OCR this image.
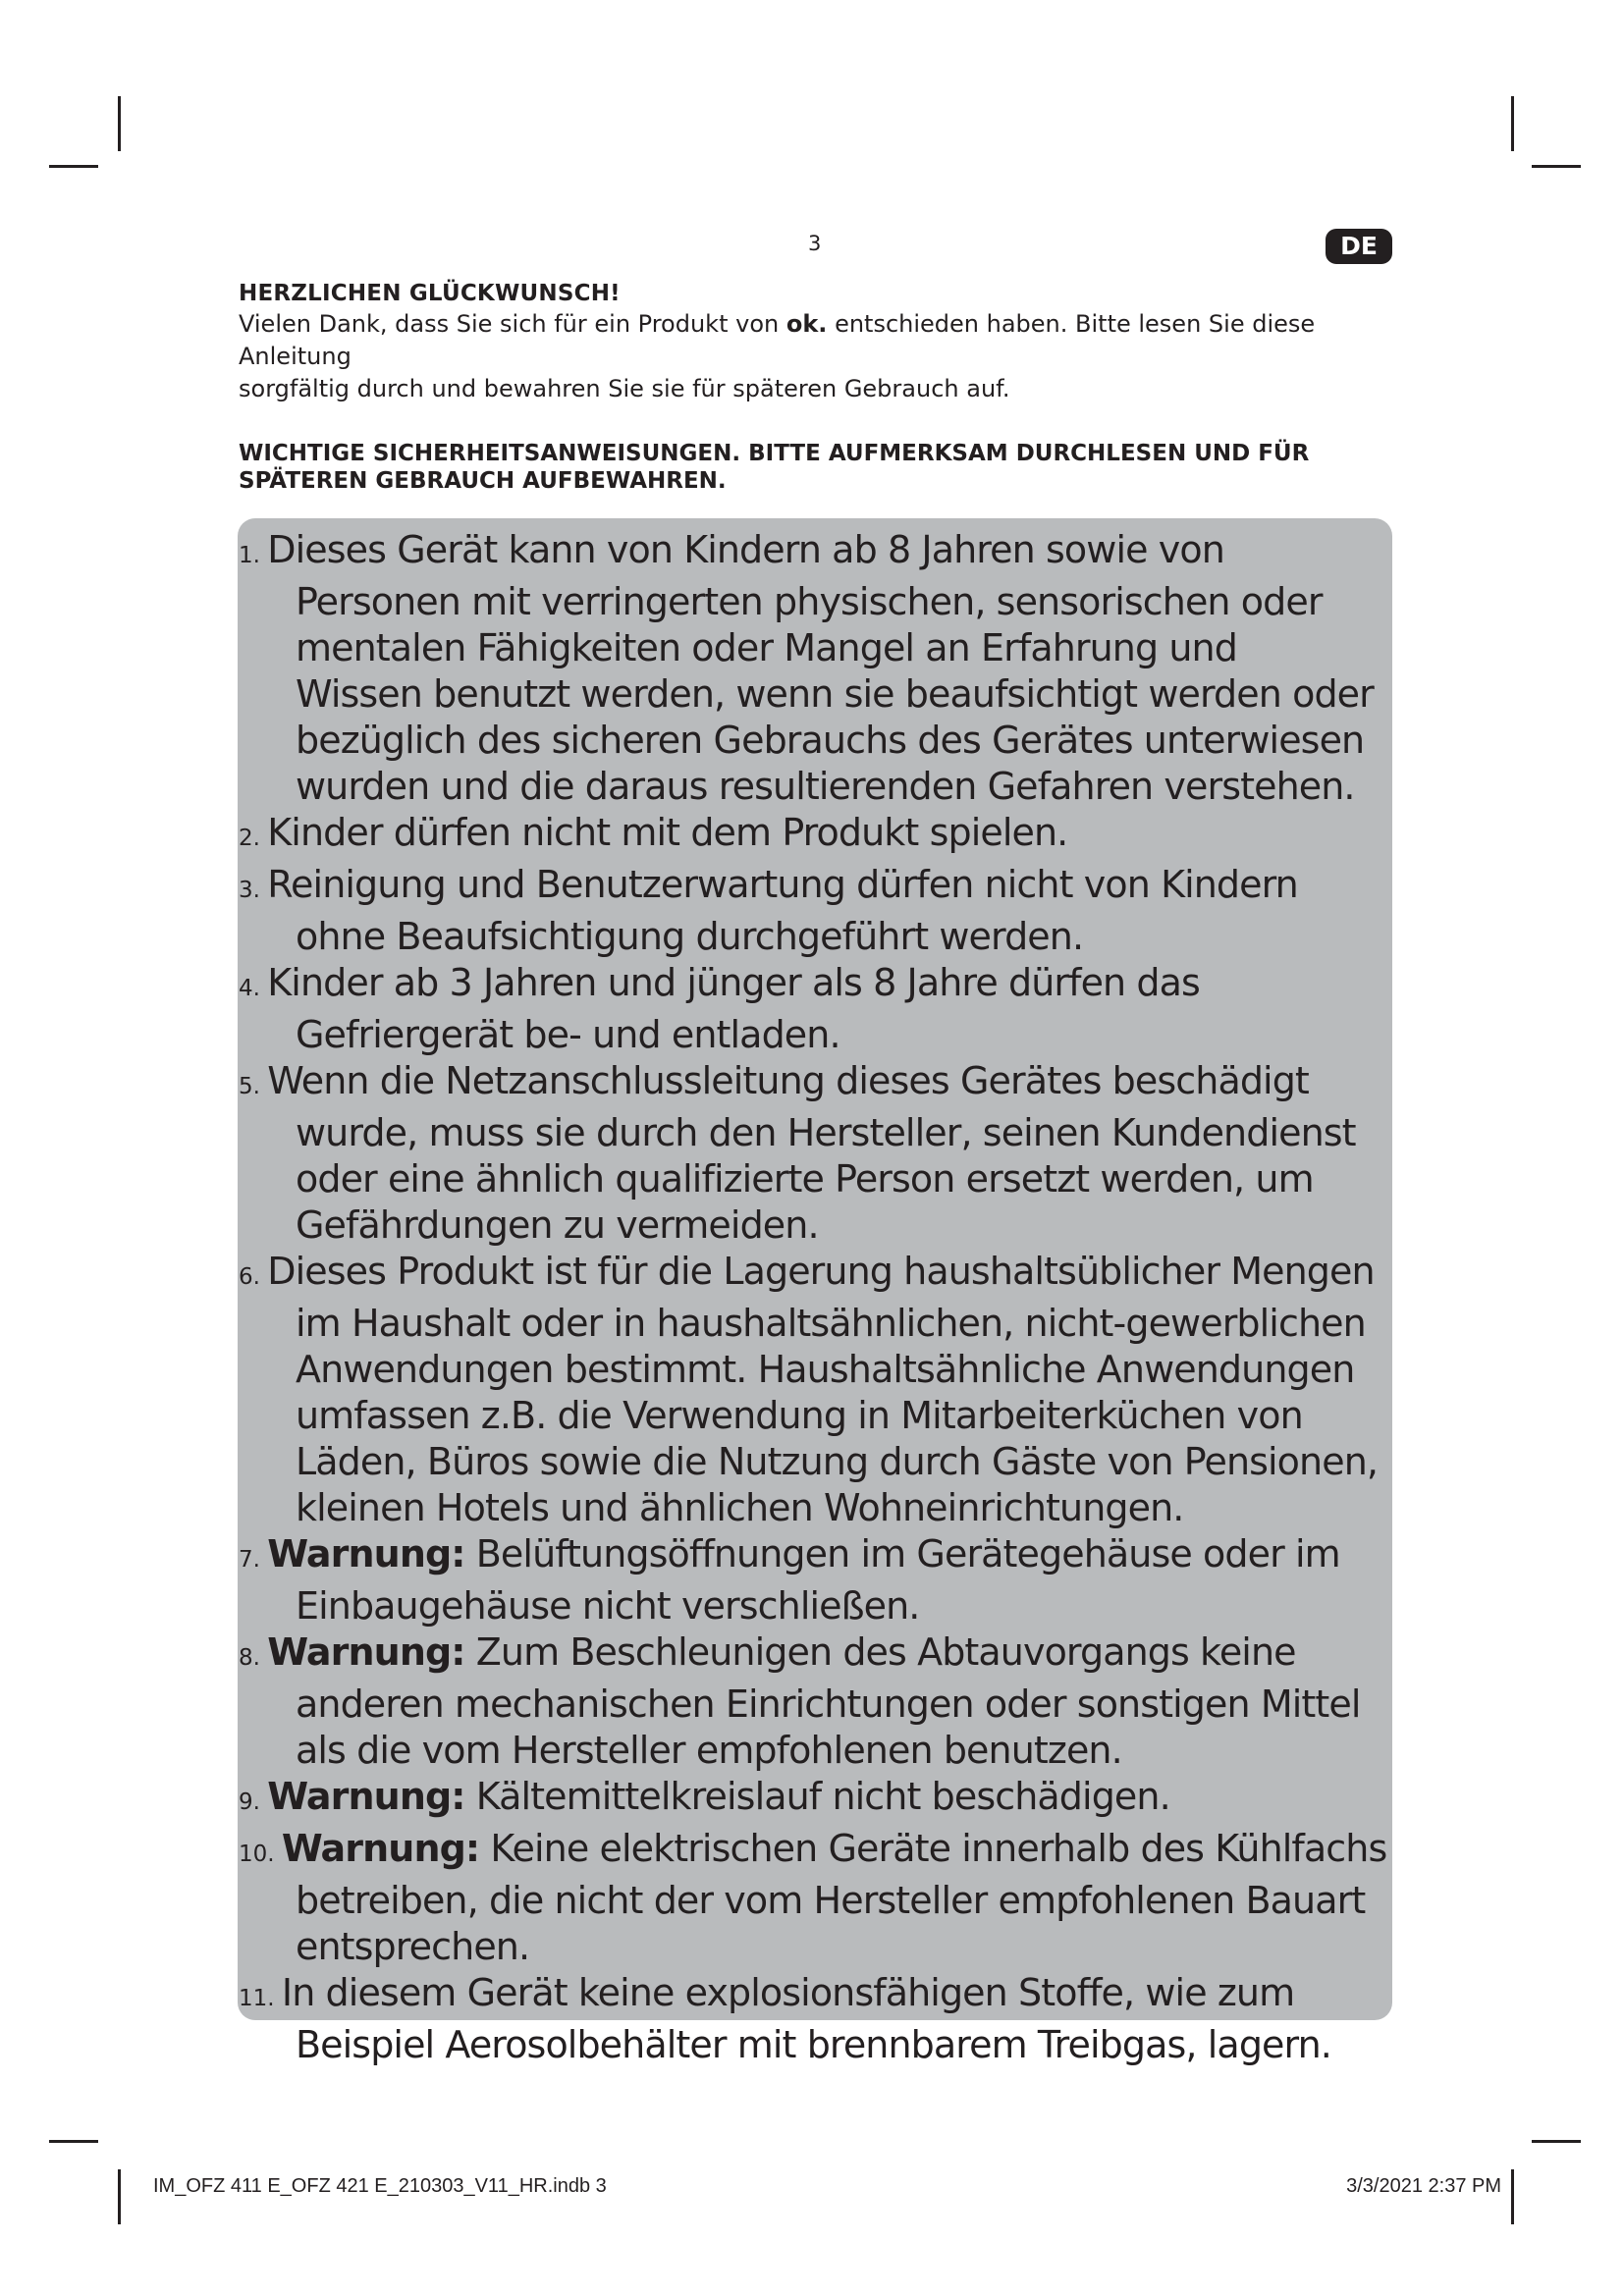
3	DE
HERZLICHEN GLÜCKWUNSCH!
Vielen Dank, dass Sie sich für ein Produkt von ok. entschieden haben. Bitte lesen Sie diese Anleitung
sorgfältig durch und bewahren Sie sie für späteren Gebrauch auf.
WICHTIGE SICHERHEITSANWEISUNGEN. BITTE AUFMERKSAM DURCHLESEN UND FÜR
SPÄTEREN GEBRAUCH AUFBEWAHREN.
1. Dieses Gerät kann von Kindern ab 8 Jahren sowie von
Personen mit verringerten physischen, sensorischen oder
mentalen Fähigkeiten oder Mangel an Erfahrung und
Wissen benutzt werden, wenn sie beaufsichtigt werden oder
bezüglich des sicheren Gebrauchs des Gerätes unterwiesen
wurden und die daraus resultierenden Gefahren verstehen.
2. Kinder dürfen nicht mit dem Produkt spielen.
3. Reinigung und Benutzerwartung dürfen nicht von Kindern
ohne Beaufsichtigung durchgeführt werden.
4. Kinder ab 3 Jahren und jünger als 8 Jahre dürfen das
Gefriergerät be- und entladen.
5. Wenn die Netzanschlussleitung dieses Gerätes beschädigt
wurde, muss sie durch den Hersteller, seinen Kundendienst
oder eine ähnlich qualifizierte Person ersetzt werden, um
Gefährdungen zu vermeiden.
6. Dieses Produkt ist für die Lagerung haushaltsüblicher Mengen
im Haushalt oder in haushaltsähnlichen, nicht-gewerblichen
Anwendungen bestimmt. Haushaltsähnliche Anwendungen
umfassen z.B. die Verwendung in Mitarbeiterküchen von
Läden, Büros sowie die Nutzung durch Gäste von Pensionen,
kleinen Hotels und ähnlichen Wohneinrichtungen.
7. Warnung: Belüftungsöffnungen im Gerätegehäuse oder im
Einbaugehäuse nicht verschließen.
8. Warnung: Zum Beschleunigen des Abtauvorgangs keine
anderen mechanischen Einrichtungen oder sonstigen Mittel
als die vom Hersteller empfohlenen benutzen.
9. Warnung: Kältemittelkreislauf nicht beschädigen.
10. Warnung: Keine elektrischen Geräte innerhalb des Kühlfachs
betreiben, die nicht der vom Hersteller empfohlenen Bauart
entsprechen.
11. In diesem Gerät keine explosionsfähigen Stoffe, wie zum
Beispiel Aerosolbehälter mit brennbarem Treibgas, lagern.
IM_OFZ 411 E_OFZ 421 E_210303_V11_HR.indb 3	3/3/2021 2:37 PM
